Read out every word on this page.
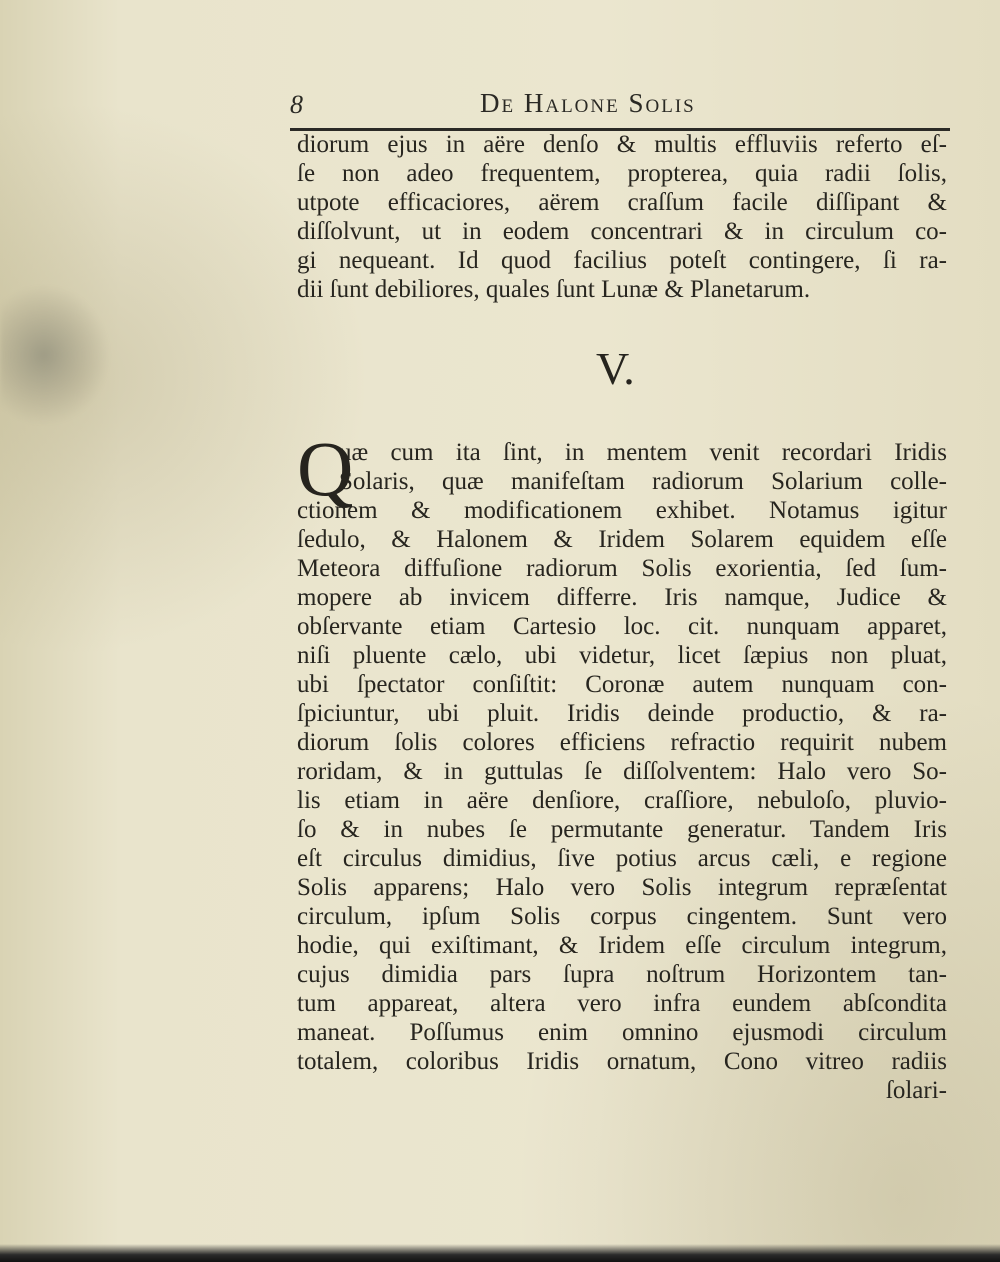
8	De Halone Solis
diorum ejus in aëre denſo & multis effluviis referto eſ-
ſe non adeo frequentem, propterea, quia radii ſolis,
utpote efficaciores, aërem craſſum facile diſſipant &
diſſolvunt, ut in eodem concentrari & in circulum co-
gi nequeant. Id quod facilius poteſt contingere, ſi ra-
dii ſunt debiliores, quales ſunt Lunæ & Planetarum.
V.
Q
uæ cum ita ſint, in mentem venit recordari Iridis
Solaris, quæ manifeſtam radiorum Solarium colle-
ctionem & modificationem exhibet. Notamus igitur
ſedulo, & Halonem & Iridem Solarem equidem eſſe
Meteora diffuſione radiorum Solis exorientia, ſed ſum-
mopere ab invicem differre. Iris namque, Judice &
obſervante etiam Cartesio loc. cit. nunquam apparet,
niſi pluente cælo, ubi videtur, licet ſæpius non pluat,
ubi ſpectator conſiſtit: Coronæ autem nunquam con-
ſpiciuntur, ubi pluit. Iridis deinde productio, & ra-
diorum ſolis colores efficiens refractio requirit nubem
roridam, & in guttulas ſe diſſolventem: Halo vero So-
lis etiam in aëre denſiore, craſſiore, nebuloſo, pluvio-
ſo & in nubes ſe permutante generatur. Tandem Iris
eſt circulus dimidius, ſive potius arcus cæli, e regione
Solis apparens; Halo vero Solis integrum repræſentat
circulum, ipſum Solis corpus cingentem. Sunt vero
hodie, qui exiſtimant, & Iridem eſſe circulum integrum,
cujus dimidia pars ſupra noſtrum Horizontem tan-
tum appareat, altera vero infra eundem abſcondita
maneat. Poſſumus enim omnino ejusmodi circulum
totalem, coloribus Iridis ornatum, Cono vitreo radiis
ſolari-
